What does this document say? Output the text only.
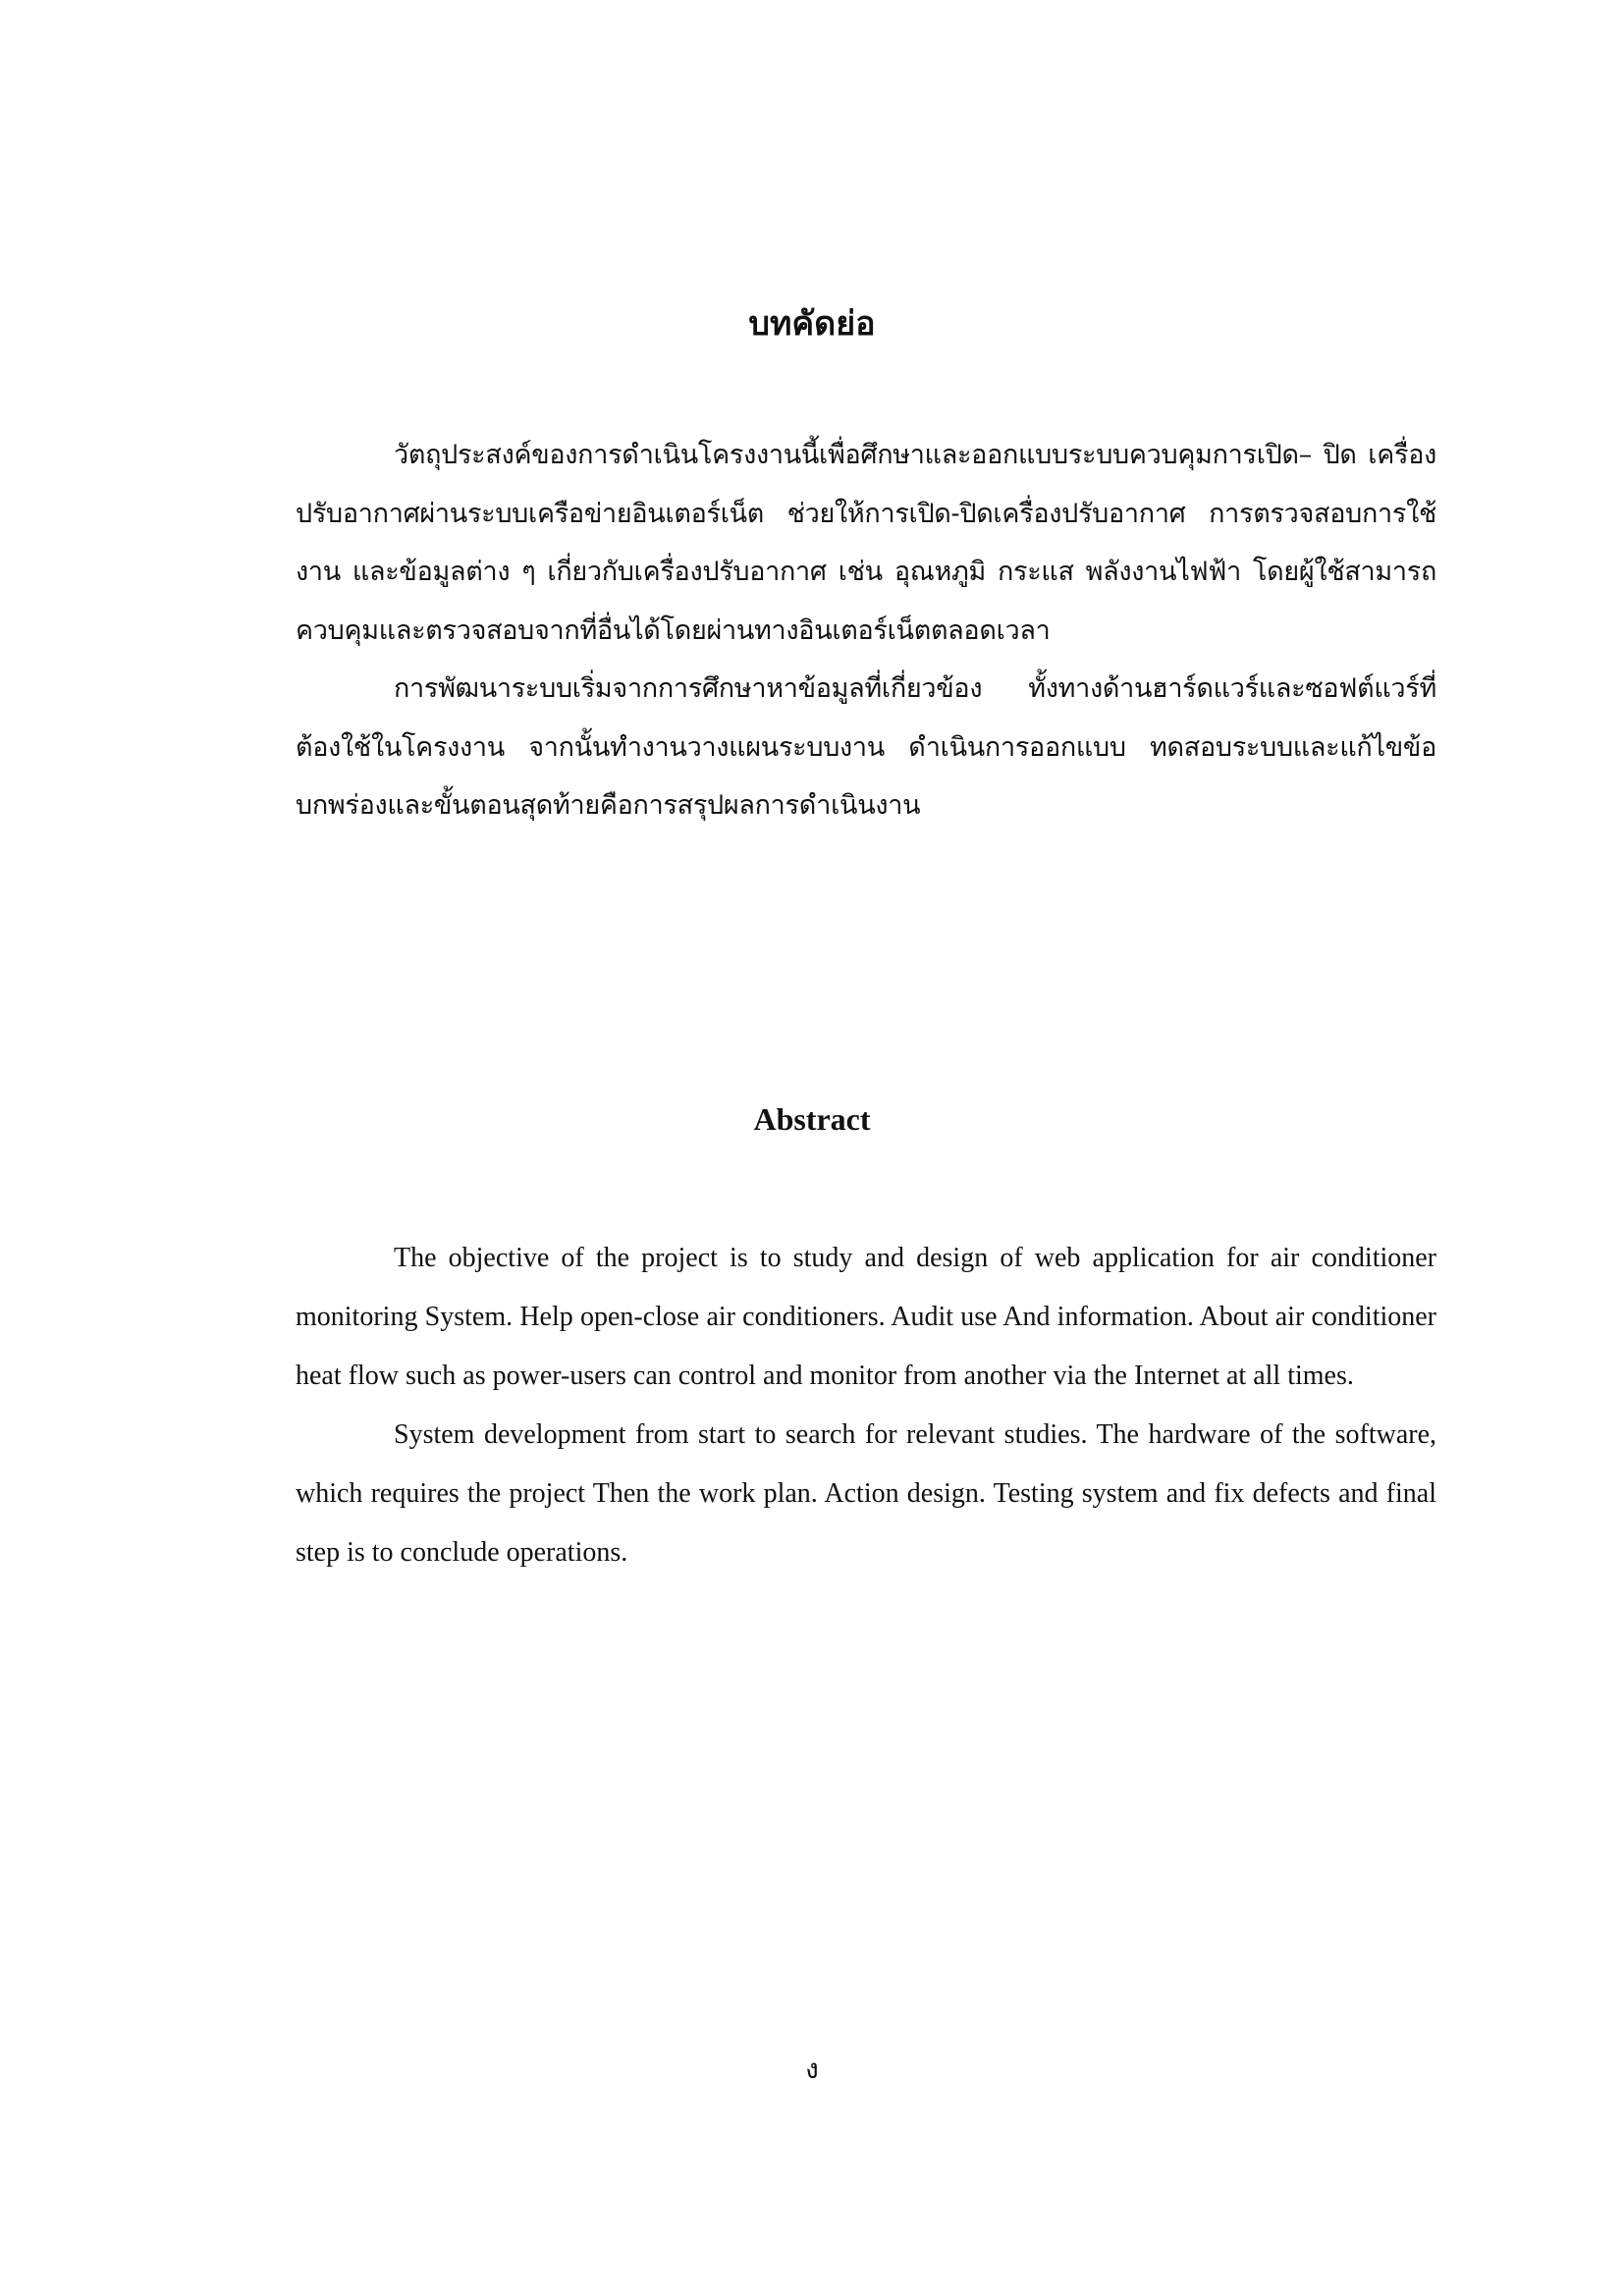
บทคัดย่อ

วัตถุประสงค์ของการดำเนินโครงงานนี้เพื่อศึกษาและออกแบบระบบควบคุมการเปิด– ปิด เครื่องปรับอากาศผ่านระบบเครือข่ายอินเตอร์เน็ต ช่วยให้การเปิด-ปิดเครื่องปรับอากาศ การตรวจสอบการใช้งาน และข้อมูลต่าง ๆ เกี่ยวกับเครื่องปรับอากาศ เช่น อุณหภูมิ กระแส พลังงานไฟฟ้า โดยผู้ใช้สามารถควบคุมและตรวจสอบจากที่อื่นได้โดยผ่านทางอินเตอร์เน็ตตลอดเวลา

การพัฒนาระบบเริ่มจากการศึกษาหาข้อมูลที่เกี่ยวข้อง ทั้งทางด้านฮาร์ดแวร์และซอฟต์แวร์ที่ต้องใช้ในโครงงาน จากนั้นทำงานวางแผนระบบงาน ดำเนินการออกแบบ ทดสอบระบบและแก้ไขข้อบกพร่องและขั้นตอนสุดท้ายคือการสรุปผลการดำเนินงาน

Abstract

The objective of the project is to study and design of web application for air conditioner monitoring System. Help open-close air conditioners. Audit use And information. About air conditioner heat flow such as power-users can control and monitor from another via the Internet at all times.

System development from start to search for relevant studies. The hardware of the software, which requires the project Then the work plan. Action design. Testing system and fix defects and final step is to conclude operations.

ง
